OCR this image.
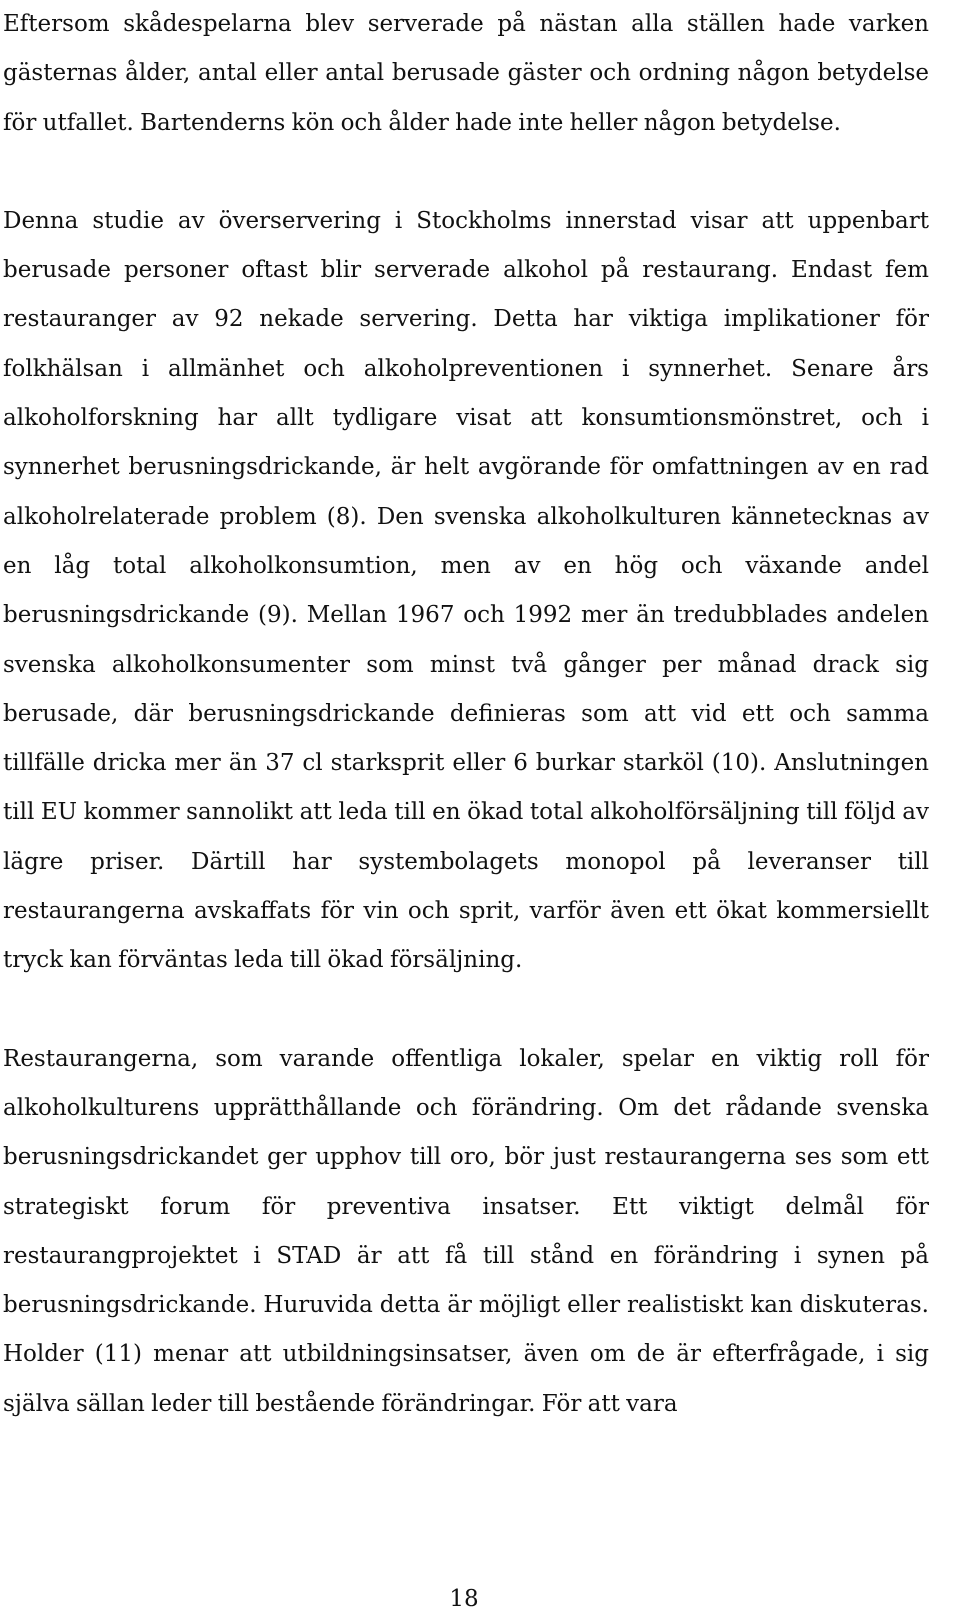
Eftersom skådespelarna blev serverade på nästan alla ställen hade varken gästernas ålder, antal eller antal berusade gäster och ordning någon betydelse för utfallet. Bartenderns kön och ålder hade inte heller någon betydelse.

Denna studie av överservering i Stockholms innerstad visar att uppenbart berusade personer oftast blir serverade alkohol på restaurang. Endast fem restauranger av 92 nekade servering. Detta har viktiga implikationer för folkhälsan i allmänhet och alkoholpreventionen i synnerhet. Senare års alkoholforskning har allt tydligare visat att konsumtionsmönstret, och i synnerhet berusningsdrickande, är helt avgörande för omfattningen av en rad alkoholrelaterade problem (8). Den svenska alkoholkulturen kännetecknas av en låg total alkoholkonsumtion, men av en hög och växande andel berusningsdrickande (9). Mellan 1967 och 1992 mer än tredubblades andelen svenska alkoholkonsumenter som minst två gånger per månad drack sig berusade, där berusningsdrickande definieras som att vid ett och samma tillfälle dricka mer än 37 cl starksprit eller 6 burkar starköl (10). Anslutningen till EU kommer sannolikt att leda till en ökad total alkoholförsäljning till följd av lägre priser. Därtill har systembolagets monopol på leveranser till restaurangerna avskaffats för vin och sprit, varför även ett ökat kommersiellt tryck kan förväntas leda till ökad försäljning.

Restaurangerna, som varande offentliga lokaler, spelar en viktig roll för alkoholkulturens upprätthållande och förändring. Om det rådande svenska berusningsdrickandet ger upphov till oro, bör just restaurangerna ses som ett strategiskt forum för preventiva insatser. Ett viktigt delmål för restaurangprojektet i STAD är att få till stånd en förändring i synen på berusningsdrickande. Huruvida detta är möjligt eller realistiskt kan diskuteras. Holder (11) menar att utbildningsinsatser, även om de är efterfrågade, i sig själva sällan leder till bestående förändringar. För att vara

18
